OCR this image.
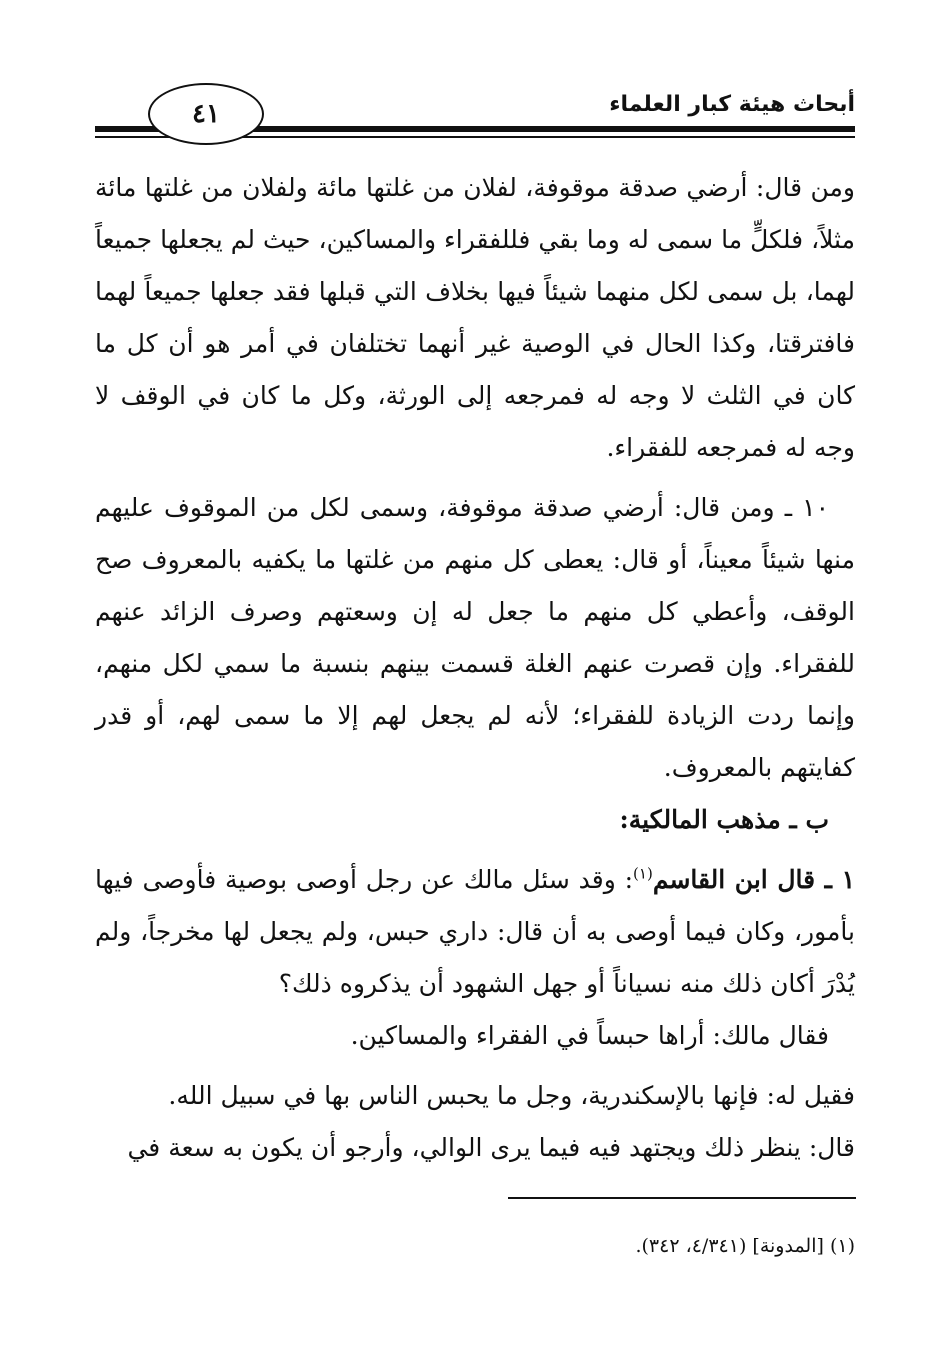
٤١	أبحاث هيئة كبار العلماء

ومن قال: أرضي صدقة موقوفة، لفلان من غلتها مائة ولفلان من غلتها مائة مثلاً، فلكلٍّ ما سمى له وما بقي فللفقراء والمساكين، حيث لم يجعلها جميعاً لهما، بل سمى لكل منهما شيئاً فيها بخلاف التي قبلها فقد جعلها جميعاً لهما فافترقتا، وكذا الحال في الوصية غير أنهما تختلفان في أمر هو أن كل ما كان في الثلث لا وجه له فمرجعه إلى الورثة، وكل ما كان في الوقف لا وجه له فمرجعه للفقراء.

١٠ ـ ومن قال: أرضي صدقة موقوفة، وسمى لكل من الموقوف عليهم منها شيئاً معيناً، أو قال: يعطى كل منهم من غلتها ما يكفيه بالمعروف صح الوقف، وأعطي كل منهم ما جعل له إن وسعتهم وصرف الزائد عنهم للفقراء. وإن قصرت عنهم الغلة قسمت بينهم بنسبة ما سمي لكل منهم، وإنما ردت الزيادة للفقراء؛ لأنه لم يجعل لهم إلا ما سمى لهم، أو قدر كفايتهم بالمعروف.

ب ـ مذهب المالكية:

١ ـ قال ابن القاسم$^{(١)}$: وقد سئل مالك عن رجل أوصى بوصية فأوصى فيها بأمور، وكان فيما أوصى به أن قال: داري حبس، ولم يجعل لها مخرجاً، ولم يُدْرَ أكان ذلك منه نسياناً أو جهل الشهود أن يذكروه ذلك؟

فقال مالك: أراها حبساً في الفقراء والمساكين.

فقيل له: فإنها بالإسكندرية، وجل ما يحبس الناس بها في سبيل الله.

قال: ينظر ذلك ويجتهد فيه فيما يرى الوالي، وأرجو أن يكون به سعة في

(١) [المدونة] (٤/٣٤١، ٣٤٢).
